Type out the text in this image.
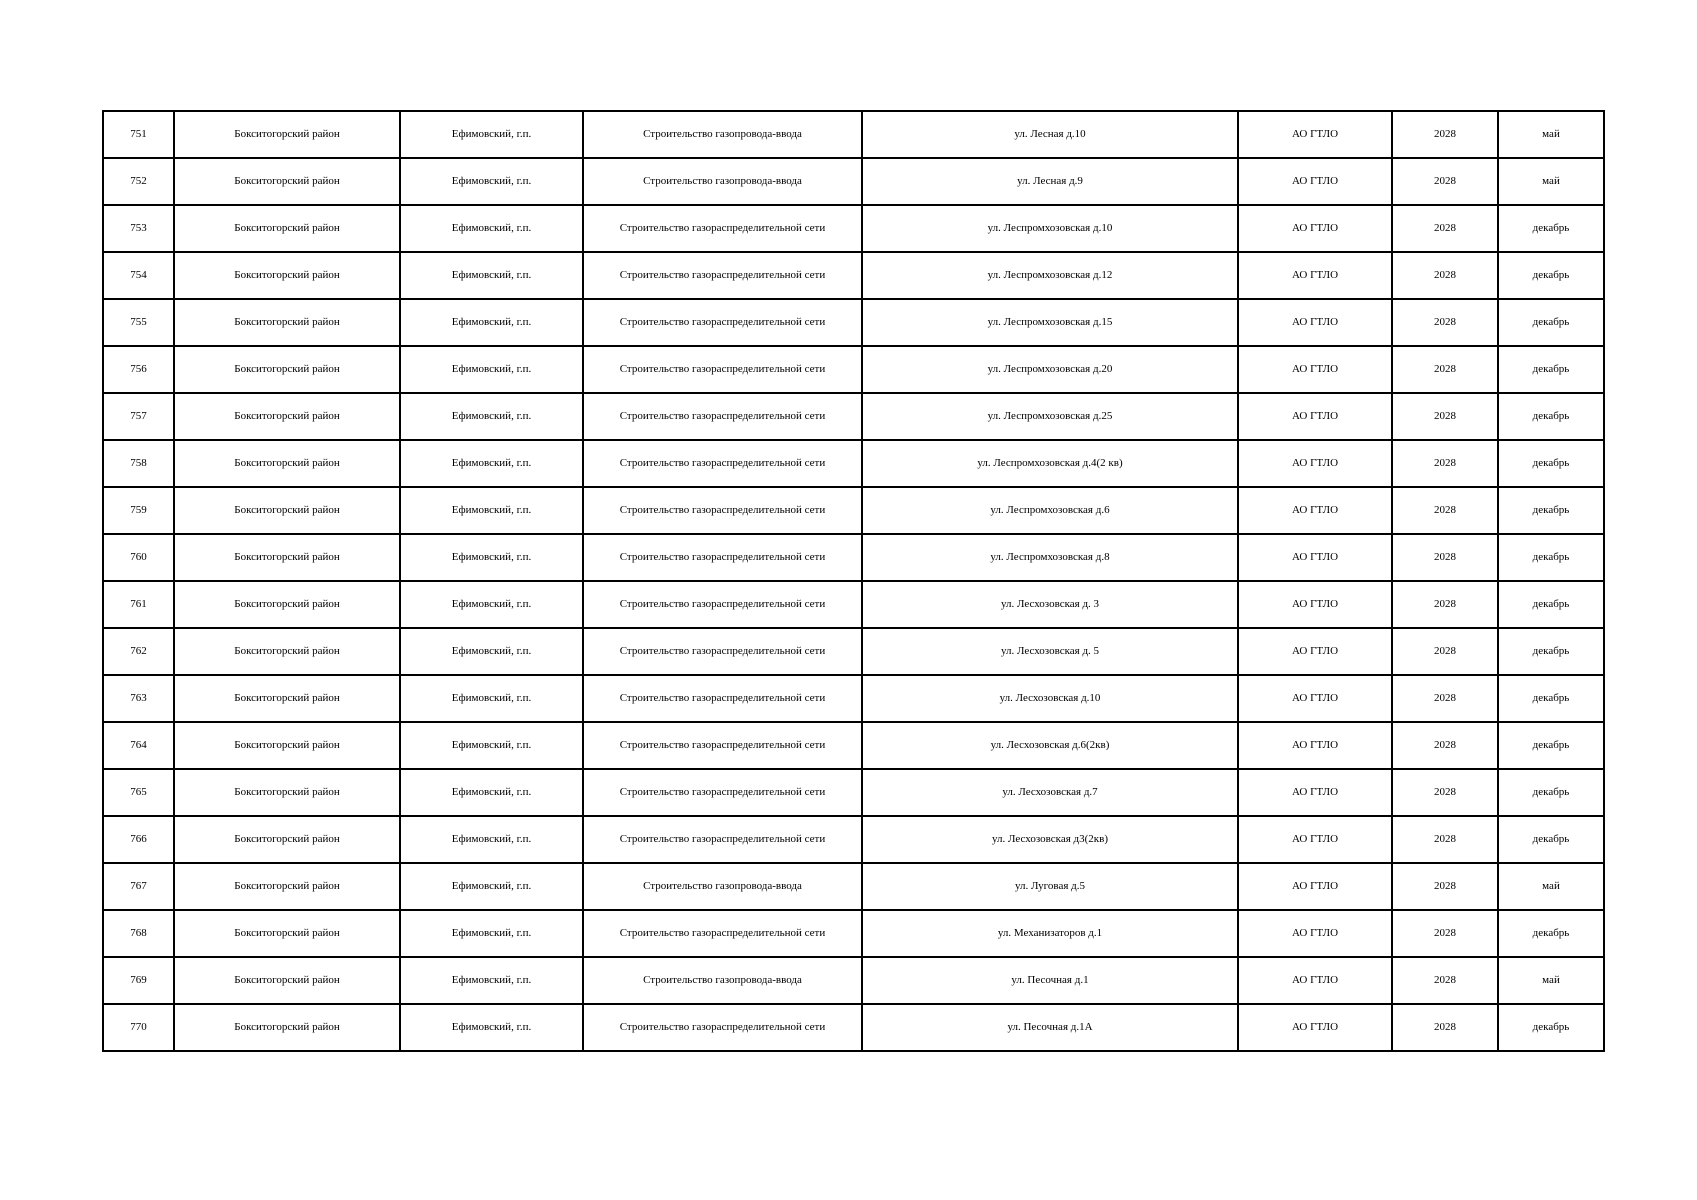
751	Бокситогорский район	Ефимовский, г.п.	Строительство газопровода-ввода	ул. Лесная д.10	АО ГТЛО	2028	май
752	Бокситогорский район	Ефимовский, г.п.	Строительство газопровода-ввода	ул. Лесная д.9	АО ГТЛО	2028	май
753	Бокситогорский район	Ефимовский, г.п.	Строительство газораспределительной сети	ул. Леспромхозовская д.10	АО ГТЛО	2028	декабрь
754	Бокситогорский район	Ефимовский, г.п.	Строительство газораспределительной сети	ул. Леспромхозовская д.12	АО ГТЛО	2028	декабрь
755	Бокситогорский район	Ефимовский, г.п.	Строительство газораспределительной сети	ул. Леспромхозовская д.15	АО ГТЛО	2028	декабрь
756	Бокситогорский район	Ефимовский, г.п.	Строительство газораспределительной сети	ул. Леспромхозовская д.20	АО ГТЛО	2028	декабрь
757	Бокситогорский район	Ефимовский, г.п.	Строительство газораспределительной сети	ул. Леспромхозовская д.25	АО ГТЛО	2028	декабрь
758	Бокситогорский район	Ефимовский, г.п.	Строительство газораспределительной сети	ул. Леспромхозовская д.4(2 кв)	АО ГТЛО	2028	декабрь
759	Бокситогорский район	Ефимовский, г.п.	Строительство газораспределительной сети	ул. Леспромхозовская д.6	АО ГТЛО	2028	декабрь
760	Бокситогорский район	Ефимовский, г.п.	Строительство газораспределительной сети	ул. Леспромхозовская д.8	АО ГТЛО	2028	декабрь
761	Бокситогорский район	Ефимовский, г.п.	Строительство газораспределительной сети	ул. Лесхозовская д. 3	АО ГТЛО	2028	декабрь
762	Бокситогорский район	Ефимовский, г.п.	Строительство газораспределительной сети	ул. Лесхозовская д. 5	АО ГТЛО	2028	декабрь
763	Бокситогорский район	Ефимовский, г.п.	Строительство газораспределительной сети	ул. Лесхозовская д.10	АО ГТЛО	2028	декабрь
764	Бокситогорский район	Ефимовский, г.п.	Строительство газораспределительной сети	ул. Лесхозовская д.6(2кв)	АО ГТЛО	2028	декабрь
765	Бокситогорский район	Ефимовский, г.п.	Строительство газораспределительной сети	ул. Лесхозовская д.7	АО ГТЛО	2028	декабрь
766	Бокситогорский район	Ефимовский, г.п.	Строительство газораспределительной сети	ул. Лесхозовская д3(2кв)	АО ГТЛО	2028	декабрь
767	Бокситогорский район	Ефимовский, г.п.	Строительство газопровода-ввода	ул. Луговая д.5	АО ГТЛО	2028	май
768	Бокситогорский район	Ефимовский, г.п.	Строительство газораспределительной сети	ул. Механизаторов д.1	АО ГТЛО	2028	декабрь
769	Бокситогорский район	Ефимовский, г.п.	Строительство газопровода-ввода	ул. Песочная д.1	АО ГТЛО	2028	май
770	Бокситогорский район	Ефимовский, г.п.	Строительство газораспределительной сети	ул. Песочная д.1А	АО ГТЛО	2028	декабрь
